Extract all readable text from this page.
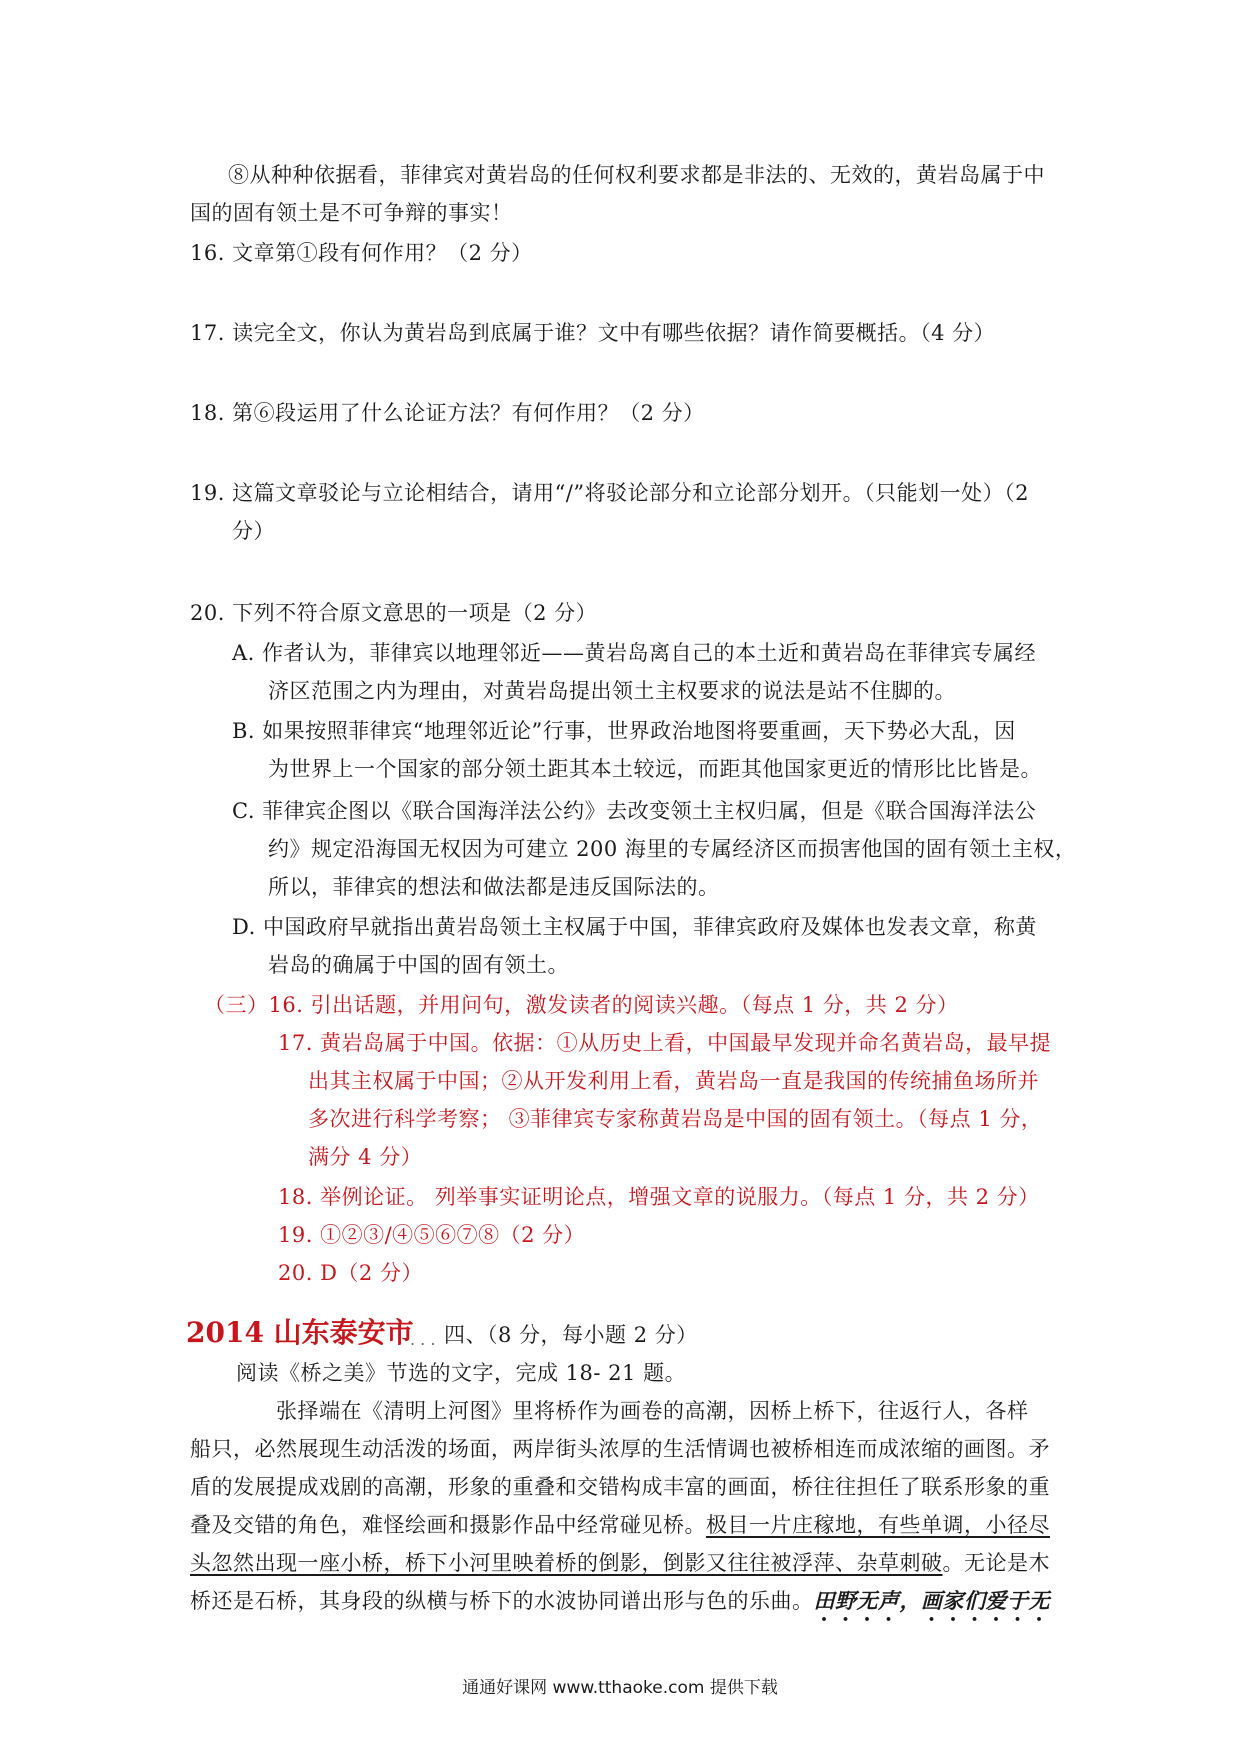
⑧从种种依据看，菲律宾对黄岩岛的任何权利要求都是非法的、无效的，黄岩岛属于中
国的固有领土是不可争辩的事实！
16. 文章第①段有何作用？（2 分）
17. 读完全文，你认为黄岩岛到底属于谁？文中有哪些依据？请作简要概括。（4 分）
18. 第⑥段运用了什么论证方法？有何作用？（2 分）
19. 这篇文章驳论与立论相结合，请用“/”将驳论部分和立论部分划开。（只能划一处）（2
分）
20. 下列不符合原文意思的一项是（2 分）
A. 作者认为，菲律宾以地理邻近——黄岩岛离自己的本土近和黄岩岛在菲律宾专属经
济区范围之内为理由，对黄岩岛提出领土主权要求的说法是站不住脚的。
B. 如果按照菲律宾“地理邻近论”行事，世界政治地图将要重画，天下势必大乱，因
为世界上一个国家的部分领土距其本土较远，而距其他国家更近的情形比比皆是。
C. 菲律宾企图以《联合国海洋法公约》去改变领土主权归属，但是《联合国海洋法公
约》规定沿海国无权因为可建立 200 海里的专属经济区而损害他国的固有领土主权，
所以，菲律宾的想法和做法都是违反国际法的。
D. 中国政府早就指出黄岩岛领土主权属于中国，菲律宾政府及媒体也发表文章，称黄
岩岛的确属于中国的固有领土。
（三）16. 引出话题，并用问句，激发读者的阅读兴趣。（每点 1 分，共 2 分）
17. 黄岩岛属于中国。依据：①从历史上看，中国最早发现并命名黄岩岛，最早提
出其主权属于中国；②从开发利用上看，黄岩岛一直是我国的传统捕鱼场所并
多次进行科学考察； ③菲律宾专家称黄岩岛是中国的固有领土。（每点 1 分，
满分 4 分）
18. 举例论证。 列举事实证明论点，增强文章的说服力。（每点 1 分，共 2 分）
19. ①②③/④⑤⑥⑦⑧（2 分）
20. D（2 分）
2014 山东泰安市
. . . 四、（8 分，每小题 2 分）
阅读《桥之美》节选的文字，完成 18- 21 题。
张择端在《清明上河图》里将桥作为画卷的高潮，因桥上桥下，往返行人，各样
船只，必然展现生动活泼的场面，两岸街头浓厚的生活情调也被桥相连而成浓缩的画图。矛
盾的发展提成戏剧的高潮，形象的重叠和交错构成丰富的画面，桥往往担任了联系形象的重
叠及交错的角色，难怪绘画和摄影作品中经常碰见桥。极目一片庄稼地，有些单调，小径尽
头忽然出现一座小桥，桥下小河里映着桥的倒影，倒影又往往被浮萍、杂草刺破。无论是木
桥还是石桥，其身段的纵横与桥下的水波协同谱出形与色的乐曲。田野无声，画家们爱于无
通通好课网 www.tthaoke.com 提供下载
